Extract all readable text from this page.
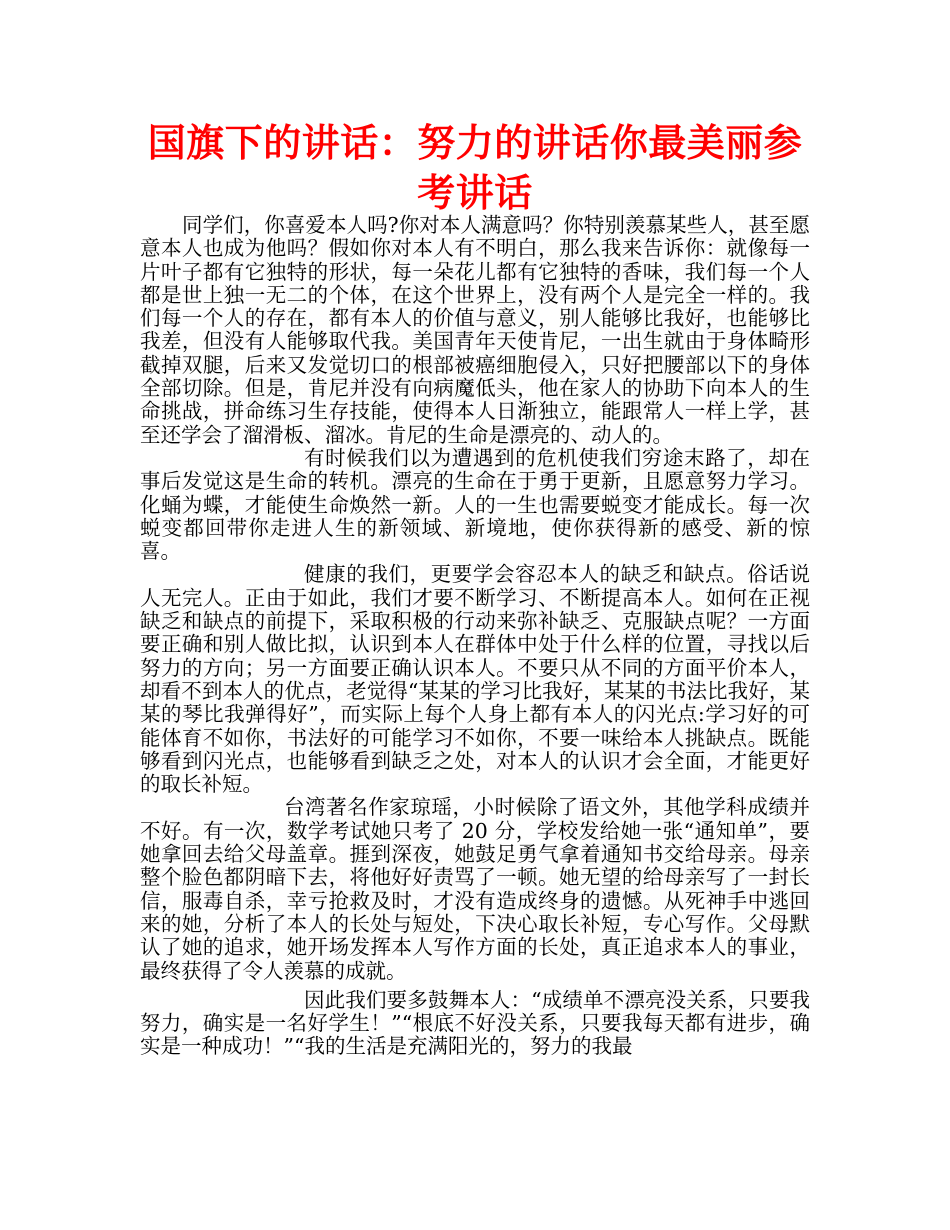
国旗下的讲话：努力的讲话你最美丽参考讲话

同学们，你喜爱本人吗?你对本人满意吗？你特别羡慕某些人，甚至愿意本人也成为他吗？假如你对本人有不明白，那么我来告诉你：就像每一片叶子都有它独特的形状，每一朵花儿都有它独特的香味，我们每一个人都是世上独一无二的个体，在这个世界上，没有两个人是完全一样的。我们每一个人的存在，都有本人的价值与意义，别人能够比我好，也能够比我差，但没有人能够取代我。美国青年天使肯尼，一出生就由于身体畸形截掉双腿，后来又发觉切口的根部被癌细胞侵入，只好把腰部以下的身体全部切除。但是，肯尼并没有向病魔低头，他在家人的协助下向本人的生命挑战，拼命练习生存技能，使得本人日渐独立，能跟常人一样上学，甚至还学会了溜滑板、溜冰。肯尼的生命是漂亮的、动人的。

有时候我们以为遭遇到的危机使我们穷途末路了，却在事后发觉这是生命的转机。漂亮的生命在于勇于更新，且愿意努力学习。化蛹为蝶，才能使生命焕然一新。人的一生也需要蜕变才能成长。每一次蜕变都回带你走进人生的新领域、新境地，使你获得新的感受、新的惊喜。

健康的我们，更要学会容忍本人的缺乏和缺点。俗话说人无完人。正由于如此，我们才要不断学习、不断提高本人。如何在正视缺乏和缺点的前提下，采取积极的行动来弥补缺乏、克服缺点呢？一方面要正确和别人做比拟，认识到本人在群体中处于什么样的位置，寻找以后努力的方向；另一方面要正确认识本人。不要只从不同的方面平价本人，却看不到本人的优点，老觉得“某某的学习比我好，某某的书法比我好，某某的琴比我弹得好”，而实际上每个人身上都有本人的闪光点:学习好的可能体育不如你，书法好的可能学习不如你，不要一味给本人挑缺点。既能够看到闪光点，也能够看到缺乏之处，对本人的认识才会全面，才能更好的取长补短。

台湾著名作家琼瑶，小时候除了语文外，其他学科成绩并不好。有一次，数学考试她只考了 20 分，学校发给她一张“通知单”，要她拿回去给父母盖章。捱到深夜，她鼓足勇气拿着通知书交给母亲。母亲整个脸色都阴暗下去，将他好好责骂了一顿。她无望的给母亲写了一封长信，服毒自杀，幸亏抢救及时，才没有造成终身的遗憾。从死神手中逃回来的她，分析了本人的长处与短处，下决心取长补短，专心写作。父母默认了她的追求，她开场发挥本人写作方面的长处，真正追求本人的事业，最终获得了令人羡慕的成就。

因此我们要多鼓舞本人：“成绩单不漂亮没关系，只要我努力，确实是一名好学生！”“根底不好没关系，只要我每天都有进步，确实是一种成功！”“我的生活是充满阳光的，努力的我最
